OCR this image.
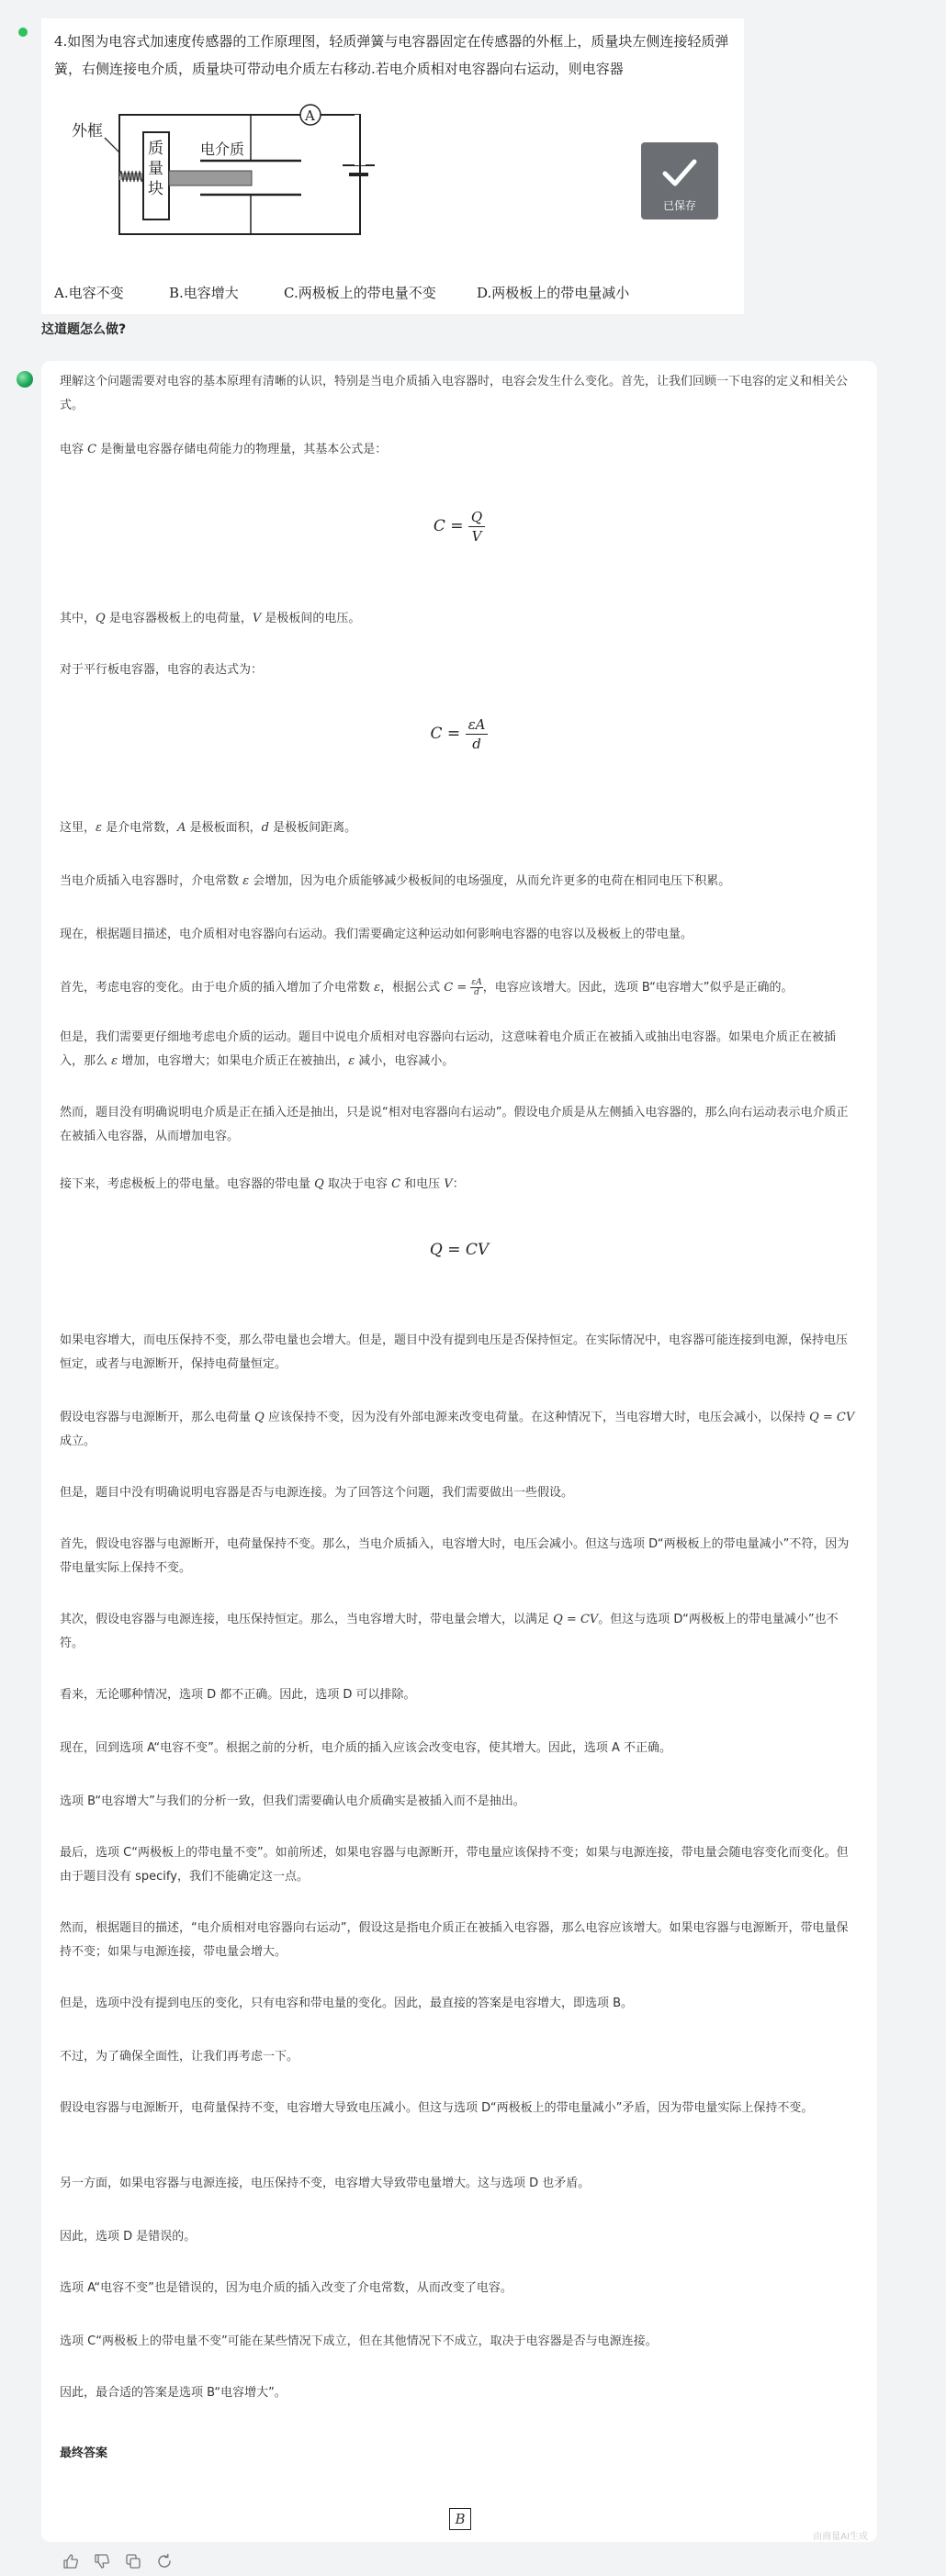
4.如图为电容式加速度传感器的工作原理图，轻质弹簧与电容器固定在传感器的外框上，质量块左侧连接轻质弹簧，右侧连接电介质，质量块可带动电介质左右移动.若电介质相对电容器向右运动，则电容器
外框
质量块
电介质
A
已保存
A.电容不变	B.电容增大	C.两极板上的带电量不变	D.两极板上的带电量减小
这道题怎么做?
理解这个问题需要对电容的基本原理有清晰的认识，特别是当电介质插入电容器时，电容会发生什么变化。首先，让我们回顾一下电容的定义和相关公式。
电容 C 是衡量电容器存储电荷能力的物理量，其基本公式是：
$C = \frac{Q}{V}$
其中，Q 是电容器极板上的电荷量，V 是极板间的电压。
对于平行板电容器，电容的表达式为：
$C = \frac{\varepsilon A}{d}$
这里，ε 是介电常数，A 是极板面积，d 是极板间距离。
当电介质插入电容器时，介电常数 ε 会增加，因为电介质能够减少极板间的电场强度，从而允许更多的电荷在相同电压下积累。
现在，根据题目描述，电介质相对电容器向右运动。我们需要确定这种运动如何影响电容器的电容以及极板上的带电量。
首先，考虑电容的变化。由于电介质的插入增加了介电常数 ε，根据公式 $C = \frac{\varepsilon A}{d}$ ，电容应该增大。因此，选项 B“电容增大”似乎是正确的。
但是，我们需要更仔细地考虑电介质的运动。题目中说电介质相对电容器向右运动，这意味着电介质正在被插入或抽出电容器。如果电介质正在被插入，那么 ε 增加，电容增大；如果电介质正在被抽出，ε 减小，电容减小。
然而，题目没有明确说明电介质是正在插入还是抽出，只是说“相对电容器向右运动”。假设电介质是从左侧插入电容器的，那么向右运动表示电介质正在被插入电容器，从而增加电容。
接下来，考虑极板上的带电量。电容器的带电量 Q 取决于电容 C 和电压 V：
Q = CV
如果电容增大，而电压保持不变，那么带电量也会增大。但是，题目中没有提到电压是否保持恒定。在实际情况中，电容器可能连接到电源，保持电压恒定，或者与电源断开，保持电荷量恒定。
假设电容器与电源断开，那么电荷量 Q 应该保持不变，因为没有外部电源来改变电荷量。在这种情况下，当电容增大时，电压会减小，以保持 Q = CV 成立。
但是，题目中没有明确说明电容器是否与电源连接。为了回答这个问题，我们需要做出一些假设。
首先，假设电容器与电源断开，电荷量保持不变。那么，当电介质插入，电容增大时，电压会减小。但这与选项 D“两极板上的带电量减小”不符，因为带电量实际上保持不变。
其次，假设电容器与电源连接，电压保持恒定。那么，当电容增大时，带电量会增大，以满足 Q = CV。但这与选项 D“两极板上的带电量减小”也不符。
看来，无论哪种情况，选项 D 都不正确。因此，选项 D 可以排除。
现在，回到选项 A“电容不变”。根据之前的分析，电介质的插入应该会改变电容，使其增大。因此，选项 A 不正确。
选项 B“电容增大”与我们的分析一致，但我们需要确认电介质确实是被插入而不是抽出。
最后，选项 C“两极板上的带电量不变”。如前所述，如果电容器与电源断开，带电量应该保持不变；如果与电源连接，带电量会随电容变化而变化。但由于题目没有 specify，我们不能确定这一点。
然而，根据题目的描述，“电介质相对电容器向右运动”，假设这是指电介质正在被插入电容器，那么电容应该增大。如果电容器与电源断开，带电量保持不变；如果与电源连接，带电量会增大。
但是，选项中没有提到电压的变化，只有电容和带电量的变化。因此，最直接的答案是电容增大，即选项 B。
不过，为了确保全面性，让我们再考虑一下。
假设电容器与电源断开，电荷量保持不变，电容增大导致电压减小。但这与选项 D“两极板上的带电量减小”矛盾，因为带电量实际上保持不变。
另一方面，如果电容器与电源连接，电压保持不变，电容增大导致带电量增大。这与选项 D 也矛盾。
因此，选项 D 是错误的。
选项 A“电容不变”也是错误的，因为电介质的插入改变了介电常数，从而改变了电容。
选项 C“两极板上的带电量不变”可能在某些情况下成立，但在其他情况下不成立，取决于电容器是否与电源连接。
因此，最合适的答案是选项 B“电容增大”。
最终答案
B
由商量AI生成
